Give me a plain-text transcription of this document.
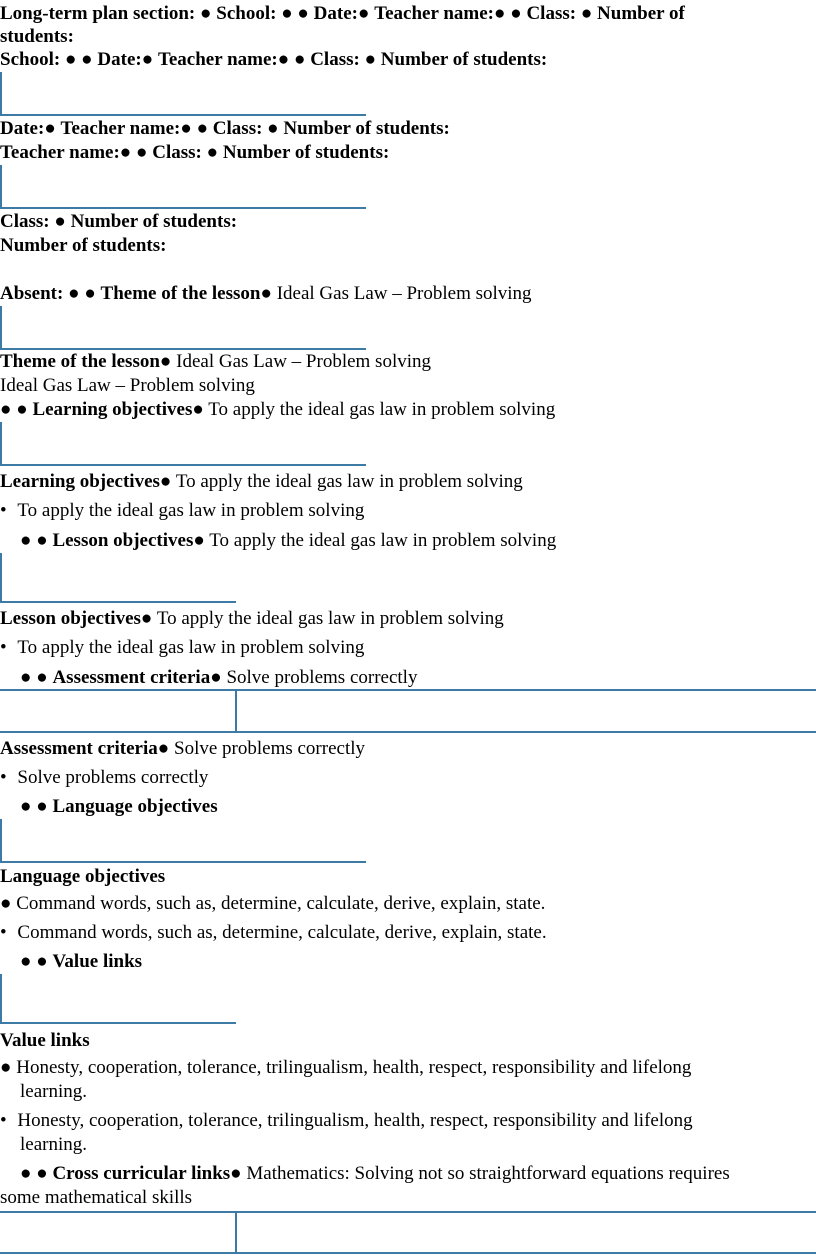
Long-term plan section: ● School: ● ● Date:● Teacher name:● ● Class: ● Number of
students:
School: ● ● Date:● Teacher name:● ● Class: ● Number of students:
Date:● Teacher name:● ● Class: ● Number of students:
Teacher name:● ● Class: ● Number of students:
Class: ● Number of students:
Number of students:
Absent: ● ● Theme of the lesson● Ideal Gas Law – Problem solving
Theme of the lesson● Ideal Gas Law – Problem solving
Ideal Gas Law – Problem solving
● ● Learning objectives● To apply the ideal gas law in problem solving
Learning objectives● To apply the ideal gas law in problem solving
• To apply the ideal gas law in problem solving
● ● Lesson objectives● To apply the ideal gas law in problem solving
Lesson objectives● To apply the ideal gas law in problem solving
• To apply the ideal gas law in problem solving
● ● Assessment criteria● Solve problems correctly
Assessment criteria● Solve problems correctly
• Solve problems correctly
● ● Language objectives
Language objectives
● Command words, such as, determine, calculate, derive, explain, state.
• Command words, such as, determine, calculate, derive, explain, state.
● ● Value links
Value links
● Honesty, cooperation, tolerance, trilingualism, health, respect, responsibility and lifelong
learning.
• Honesty, cooperation, tolerance, trilingualism, health, respect, responsibility and lifelong
learning.
● ● Cross curricular links● Mathematics: Solving not so straightforward equations requires
some mathematical skills
